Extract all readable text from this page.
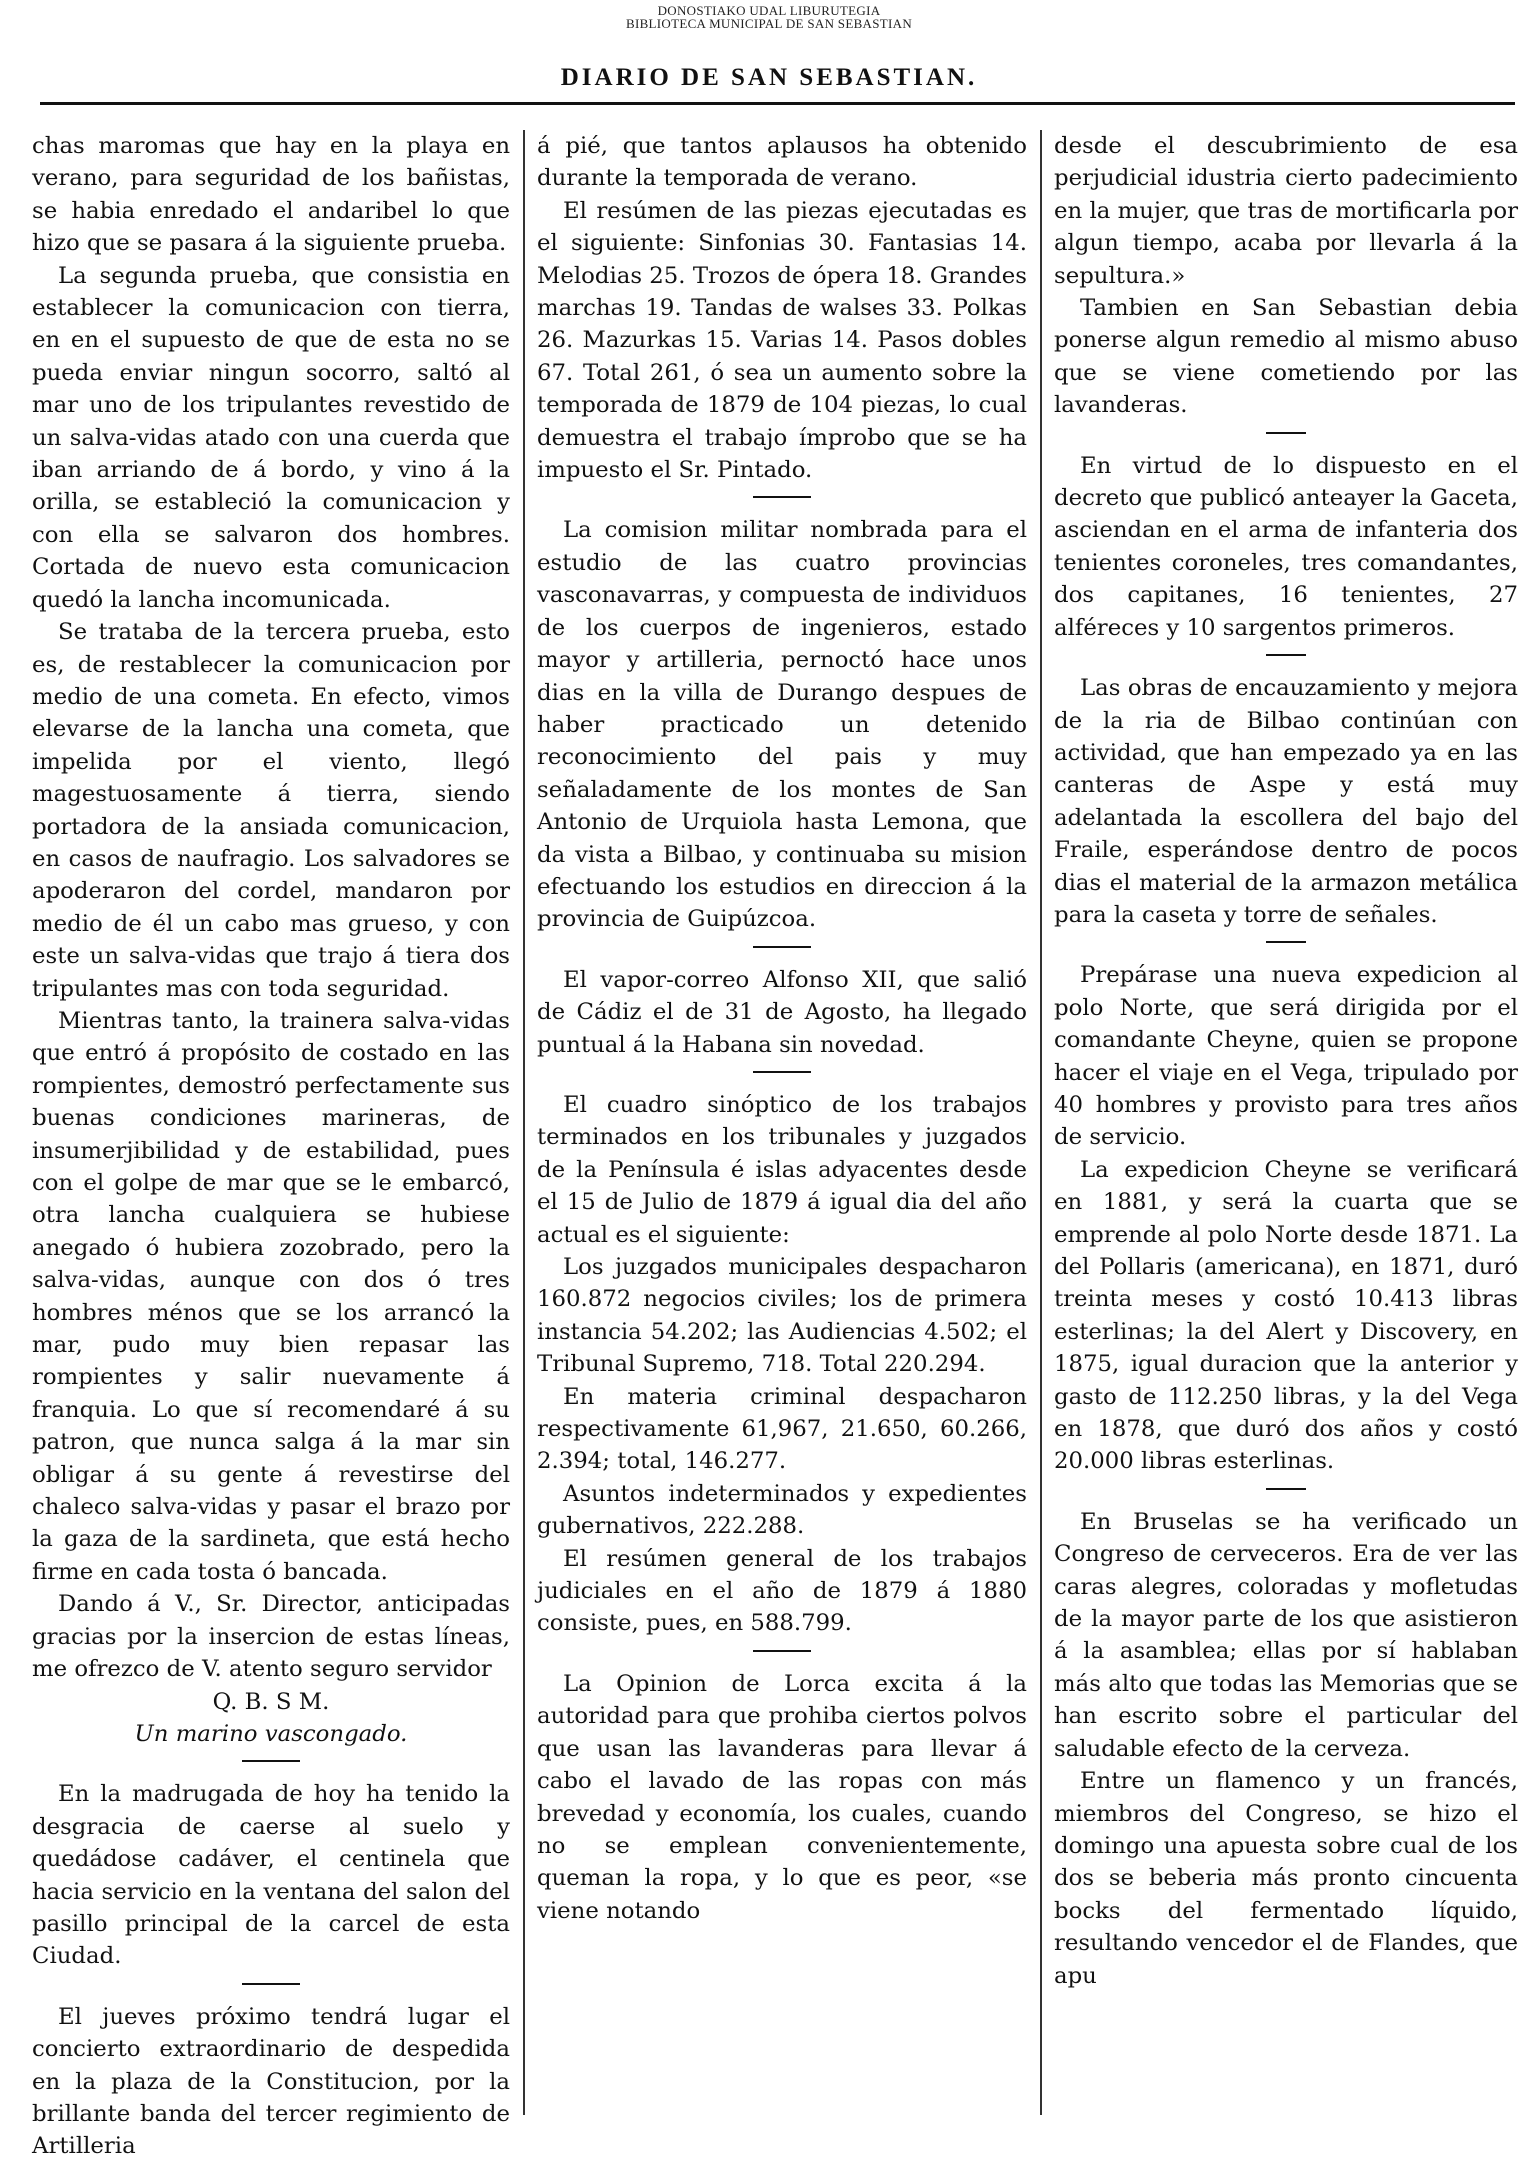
DONOSTIAKO UDAL LIBURUTEGIA
BIBLIOTECA MUNICIPAL DE SAN SEBASTIAN
DIARIO DE SAN SEBASTIAN.

chas maromas que hay en la playa en verano, para seguridad de los bañistas, se habia enredado el andaribel lo que hizo que se pasara á la siguiente prueba.

La segunda prueba, que consistia en establecer la comunicacion con tierra, en en el supuesto de que de esta no se pueda enviar ningun socorro, saltó al mar uno de los tripulantes revestido de un salva-vidas atado con una cuerda que iban arriando de á bordo, y vino á la orilla, se estableció la comunicacion y con ella se salvaron dos hombres. Cortada de nuevo esta comunicacion quedó la lancha incomunicada.

Se trataba de la tercera prueba, esto es, de restablecer la comunicacion por medio de una cometa. En efecto, vimos elevarse de la lancha una cometa, que impelida por el viento, llegó magestuosamente á tierra, siendo portadora de la ansiada comunicacion, en casos de naufragio. Los salvadores se apoderaron del cordel, mandaron por medio de él un cabo mas grueso, y con este un salva-vidas que trajo á tiera dos tripulantes mas con toda seguridad.

Mientras tanto, la trainera salva-vidas que entró á propósito de costado en las rompientes, demostró perfectamente sus buenas condiciones marineras, de insumerjibilidad y de estabilidad, pues con el golpe de mar que se le embarcó, otra lancha cualquiera se hubiese anegado ó hubiera zozobrado, pero la salva-vidas, aunque con dos ó tres hombres ménos que se los arrancó la mar, pudo muy bien repasar las rompientes y salir nuevamente á franquia. Lo que sí recomendaré á su patron, que nunca salga á la mar sin obligar á su gente á revestirse del chaleco salva-vidas y pasar el brazo por la gaza de la sardineta, que está hecho firme en cada tosta ó bancada.

Dando á V., Sr. Director, anticipadas gracias por la insercion de estas líneas, me ofrezco de V. atento seguro servidor

Q. B. S M.

Un marino vascongado.

En la madrugada de hoy ha tenido la desgracia de caerse al suelo y quedádose cadáver, el centinela que hacia servicio en la ventana del salon del pasillo principal de la carcel de esta Ciudad.

El jueves próximo tendrá lugar el concierto extraordinario de despedida en la plaza de la Constitucion, por la brillante banda del tercer regimiento de Artilleria

á pié, que tantos aplausos ha obtenido durante la temporada de verano.

El resúmen de las piezas ejecutadas es el siguiente: Sinfonias 30. Fantasias 14. Melodias 25. Trozos de ópera 18. Grandes marchas 19. Tandas de walses 33. Polkas 26. Mazurkas 15. Varias 14. Pasos dobles 67. Total 261, ó sea un aumento sobre la temporada de 1879 de 104 piezas, lo cual demuestra el trabajo ímprobo que se ha impuesto el Sr. Pintado.

La comision militar nombrada para el estudio de las cuatro provincias vasconavarras, y compuesta de individuos de los cuerpos de ingenieros, estado mayor y artilleria, pernoctó hace unos dias en la villa de Durango despues de haber practicado un detenido reconocimiento del pais y muy señaladamente de los montes de San Antonio de Urquiola hasta Lemona, que da vista a Bilbao, y continuaba su mision efectuando los estudios en direccion á la provincia de Guipúzcoa.

El vapor-correo Alfonso XII, que salió de Cádiz el de 31 de Agosto, ha llegado puntual á la Habana sin novedad.

El cuadro sinóptico de los trabajos terminados en los tribunales y juzgados de la Península é islas adyacentes desde el 15 de Julio de 1879 á igual dia del año actual es el siguiente:

Los juzgados municipales despacharon 160.872 negocios civiles; los de primera instancia 54.202; las Audiencias 4.502; el Tribunal Supremo, 718. Total 220.294.

En materia criminal despacharon respectivamente 61,967, 21.650, 60.266, 2.394; total, 146.277.

Asuntos indeterminados y expedientes gubernativos, 222.288.

El resúmen general de los trabajos judiciales en el año de 1879 á 1880 consiste, pues, en 588.799.

La Opinion de Lorca excita á la autoridad para que prohiba ciertos polvos que usan las lavanderas para llevar á cabo el lavado de las ropas con más brevedad y economía, los cuales, cuando no se emplean convenientemente, queman la ropa, y lo que es peor, «se viene notando

desde el descubrimiento de esa perjudicial idustria cierto padecimiento en la mujer, que tras de mortificarla por algun tiempo, acaba por llevarla á la sepultura.»

Tambien en San Sebastian debia ponerse algun remedio al mismo abuso que se viene cometiendo por las lavanderas.

En virtud de lo dispuesto en el decreto que publicó anteayer la Gaceta, asciendan en el arma de infanteria dos tenientes coroneles, tres comandantes, dos capitanes, 16 tenientes, 27 alféreces y 10 sargentos primeros.

Las obras de encauzamiento y mejora de la ria de Bilbao continúan con actividad, que han empezado ya en las canteras de Aspe y está muy adelantada la escollera del bajo del Fraile, esperándose dentro de pocos dias el material de la armazon metálica para la caseta y torre de señales.

Prepárase una nueva expedicion al polo Norte, que será dirigida por el comandante Cheyne, quien se propone hacer el viaje en el Vega, tripulado por 40 hombres y provisto para tres años de servicio.

La expedicion Cheyne se verificará en 1881, y será la cuarta que se emprende al polo Norte desde 1871. La del Pollaris (americana), en 1871, duró treinta meses y costó 10.413 libras esterlinas; la del Alert y Discovery, en 1875, igual duracion que la anterior y gasto de 112.250 libras, y la del Vega en 1878, que duró dos años y costó 20.000 libras esterlinas.

En Bruselas se ha verificado un Congreso de cerveceros. Era de ver las caras alegres, coloradas y mofletudas de la mayor parte de los que asistieron á la asamblea; ellas por sí hablaban más alto que todas las Memorias que se han escrito sobre el particular del saludable efecto de la cerveza.

Entre un flamenco y un francés, miembros del Congreso, se hizo el domingo una apuesta sobre cual de los dos se beberia más pronto cincuenta bocks del fermentado líquido, resultando vencedor el de Flandes, que apu
